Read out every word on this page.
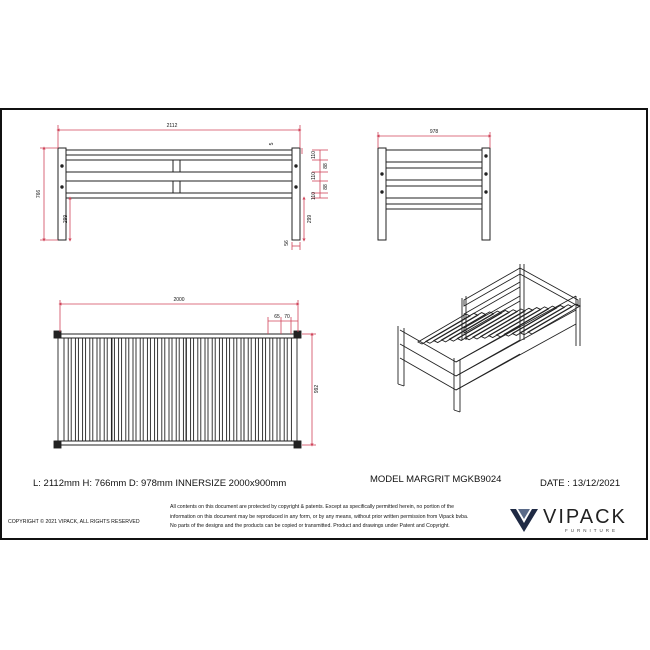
2112
766
299	299
5
56
110
88
110
88
110
978
2000
65 70
992
L: 2112mm H: 766mm D: 978mm INNERSIZE 2000x900mm	MODEL MARGRIT MGKB9024	DATE : 13/12/2021
COPYRIGHT © 2021 VIPACK, ALL RIGHTS RESERVED
All contents on this document are protected by copyright & patents. Except as specifically permitted herein, no portion of the information on this document may be reproduced in any form, or by any means, without prior written permission from Vipack bvba. No parts of the designs and the products can be copied or transmitted. Product and drawings under Patent and Copyright.	VIPACK
FURNITURE
